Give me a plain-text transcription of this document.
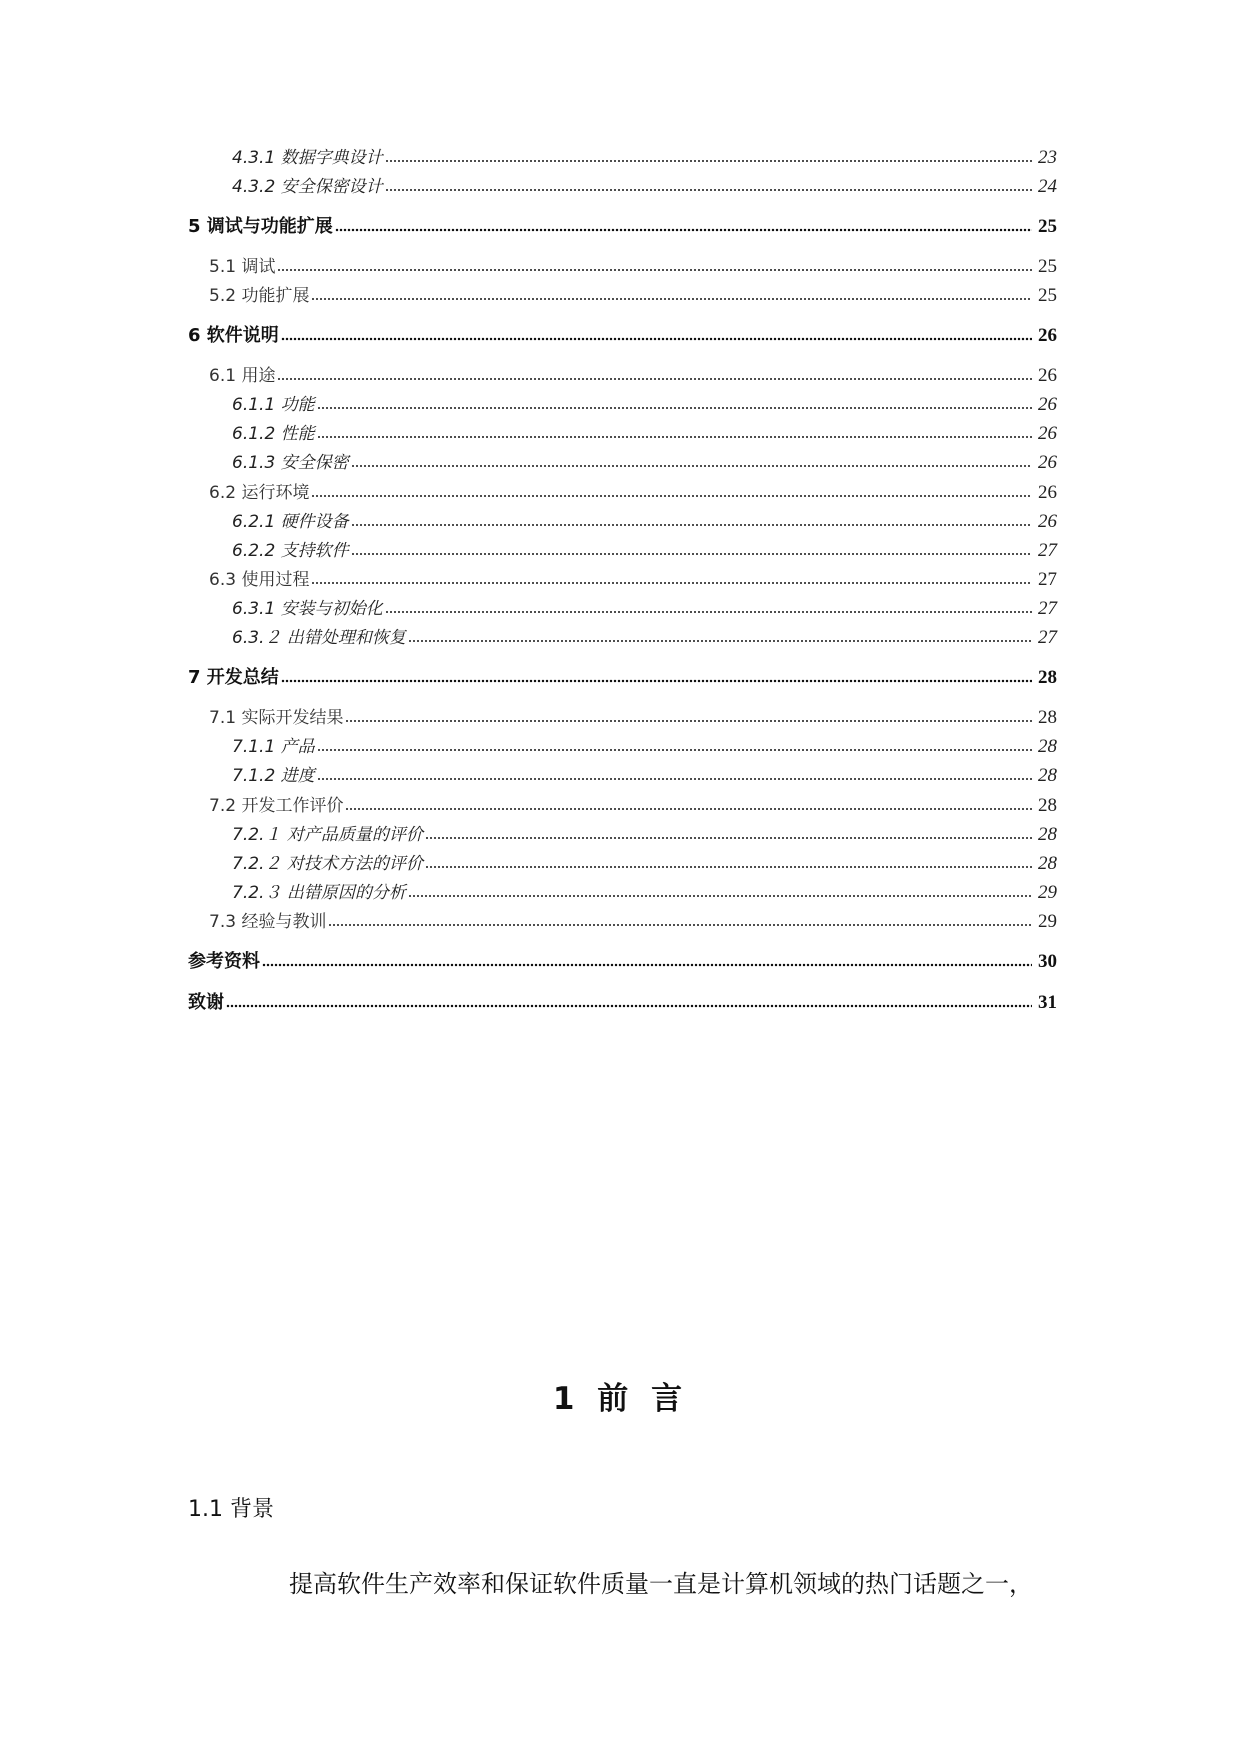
4.3.1 数据字典设计	23
4.3.2 安全保密设计	24
5 调试与功能扩展	25
5.1 调试	25
5.2 功能扩展	25
6 软件说明	26
6.1 用途	26
6.1.1 功能	26
6.1.2 性能	26
6.1.3 安全保密	26
6.2 运行环境	26
6.2.1 硬件设备	26
6.2.2 支持软件	27
6.3 使用过程	27
6.3.1 安装与初始化	27
6.3.２ 出错处理和恢复	27
7 开发总结	28
7.1 实际开发结果	28
7.1.1 产品	28
7.1.2 进度	28
7.2 开发工作评价	28
7.2.１ 对产品质量的评价	28
7.2.２ 对技术方法的评价	28
7.2.３ 出错原因的分析	29
7.3 经验与教训	29
参考资料	30
致谢	31
1 前 言
1.1 背景
提高软件生产效率和保证软件质量一直是计算机领域的热门话题之一，
